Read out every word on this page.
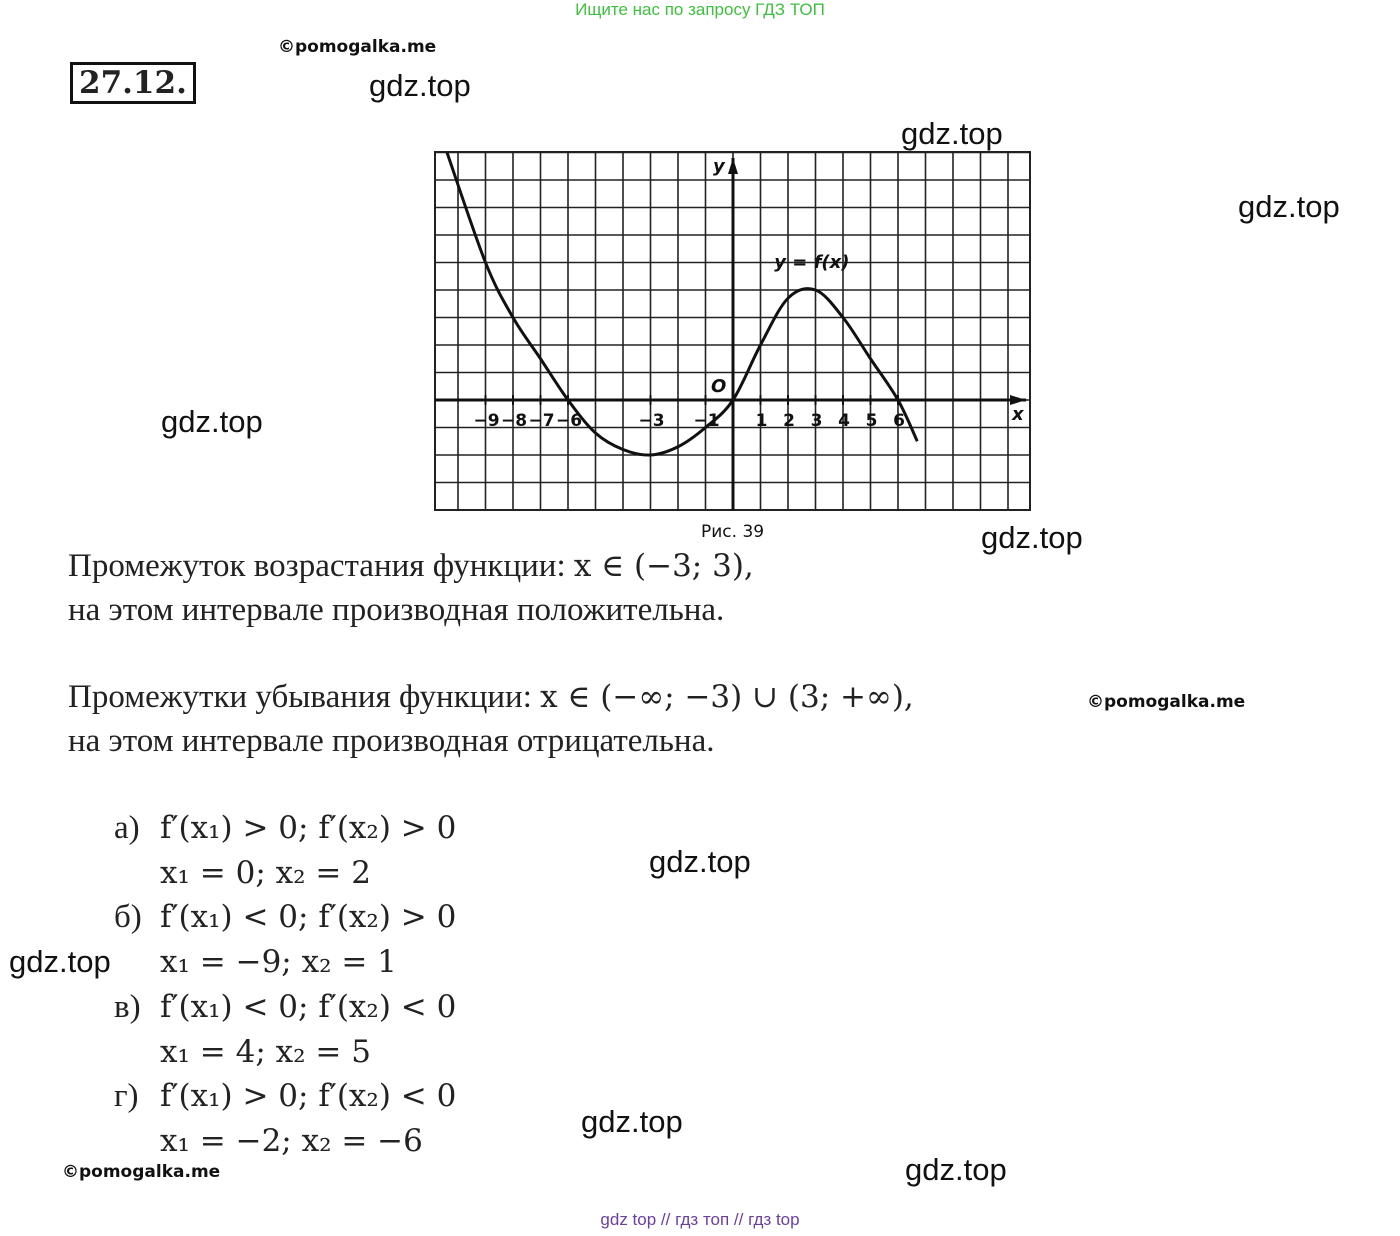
Ищите нас по запросу ГДЗ ТОП
©pomogalka.me
©pomogalka.me
©pomogalka.me
27.12.	gdz.top
gdz.top
gdz.top
gdz.top
gdz.top
gdz.top
gdz.top
gdz.top
gdz.top
−9 −8 −7 −6	−3 −1 1 2 3 4 5 6
y = f(x)
O
x
y
Рис. 39
Промежуток возрастания функции: x ∈ (−3; 3),
на этом интервале производная положительна.
Промежутки убывания функции: x ∈ (−∞; −3) ∪ (3; +∞),
на этом интервале производная отрицательна.
а) f′(x₁) > 0; f′(x₂) > 0
x₁ = 0; x₂ = 2
б) f′(x₁) < 0; f′(x₂) > 0
x₁ = −9; x₂ = 1
в) f′(x₁) < 0; f′(x₂) < 0
x₁ = 4; x₂ = 5
г) f′(x₁) > 0; f′(x₂) < 0
x₁ = −2; x₂ = −6
gdz top // гдз топ // гдз top
